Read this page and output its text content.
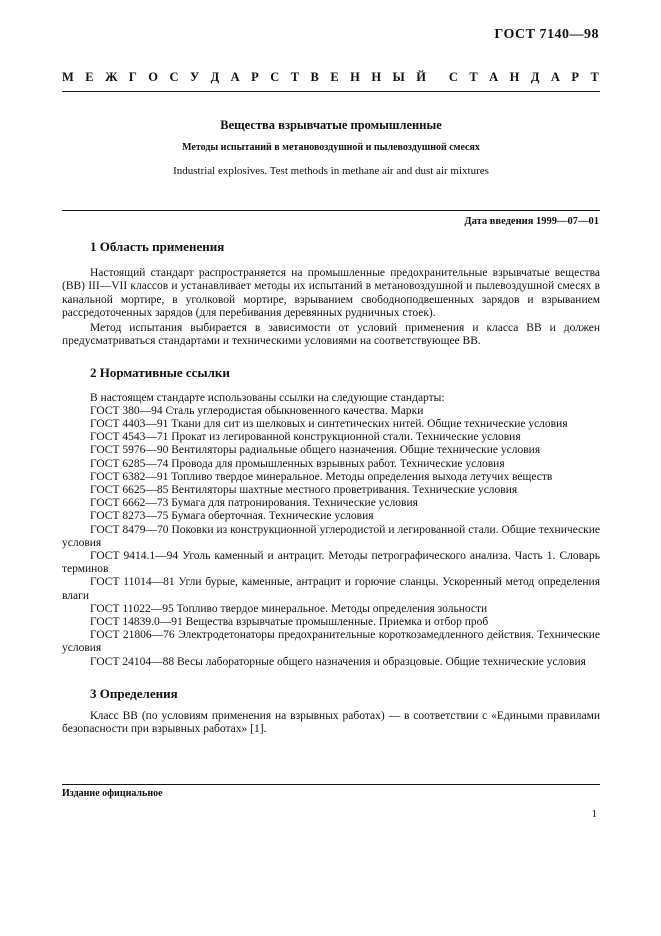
ГОСТ 7140—98
М Е Ж Г О С У Д А Р С Т В Е Н Н Ы Й С Т А Н Д А Р Т
Вещества взрывчатые промышленные
Методы испытаний в метановоздушной и пылевоздушной смесях
Industrial explosives. Test methods in methane air and dust air mixtures
Дата введения 1999—07—01
1 Область применения

Настоящий стандарт распространяется на промышленные предохранительные взрывчатые вещества (ВВ) III—VII классов и устанавливает методы их испытаний в метановоздушной и пылевоздушной смесях в канальной мортире, в уголковой мортире, взрыванием свободноподвешенных зарядов и взрыванием рассредоточенных зарядов (для перебивания деревянных рудничных стоек).

Метод испытания выбирается в зависимости от условий применения и класса ВВ и должен предусматриваться стандартами и техническими условиями на соответствующее ВВ.

2 Нормативные ссылки

В настоящем стандарте использованы ссылки на следующие стандарты:

ГОСТ 380—94 Сталь углеродистая обыкновенного качества. Марки

ГОСТ 4403—91 Ткани для сит из шелковых и синтетических нитей. Общие технические условия

ГОСТ 4543—71 Прокат из легированной конструкционной стали. Технические условия

ГОСТ 5976—90 Вентиляторы радиальные общего назначения. Общие технические условия

ГОСТ 6285—74 Провода для промышленных взрывных работ. Технические условия

ГОСТ 6382—91 Топливо твердое минеральное. Методы определения выхода летучих веществ

ГОСТ 6625—85 Вентиляторы шахтные местного проветривания. Технические условия

ГОСТ 6662—73 Бумага для патронирования. Технические условия

ГОСТ 8273—75 Бумага оберточная. Технические условия

ГОСТ 8479—70 Поковки из конструкционной углеродистой и легированной стали. Общие технические условия

ГОСТ 9414.1—94 Уголь каменный и антрацит. Методы петрографического анализа. Часть 1. Словарь терминов

ГОСТ 11014—81 Угли бурые, каменные, антрацит и горючие сланцы. Ускоренный метод определения влаги

ГОСТ 11022—95 Топливо твердое минеральное. Методы определения зольности

ГОСТ 14839.0—91 Вещества взрывчатые промышленные. Приемка и отбор проб

ГОСТ 21806—76 Электродетонаторы предохранительные короткозамедленного действия. Технические условия

ГОСТ 24104—88 Весы лабораторные общего назначения и образцовые. Общие технические условия

3 Определения

Класс ВВ (по условиям применения на взрывных работах) — в соответствии с «Едиными правилами безопасности при взрывных работах» [1].

Издание официальное
1
